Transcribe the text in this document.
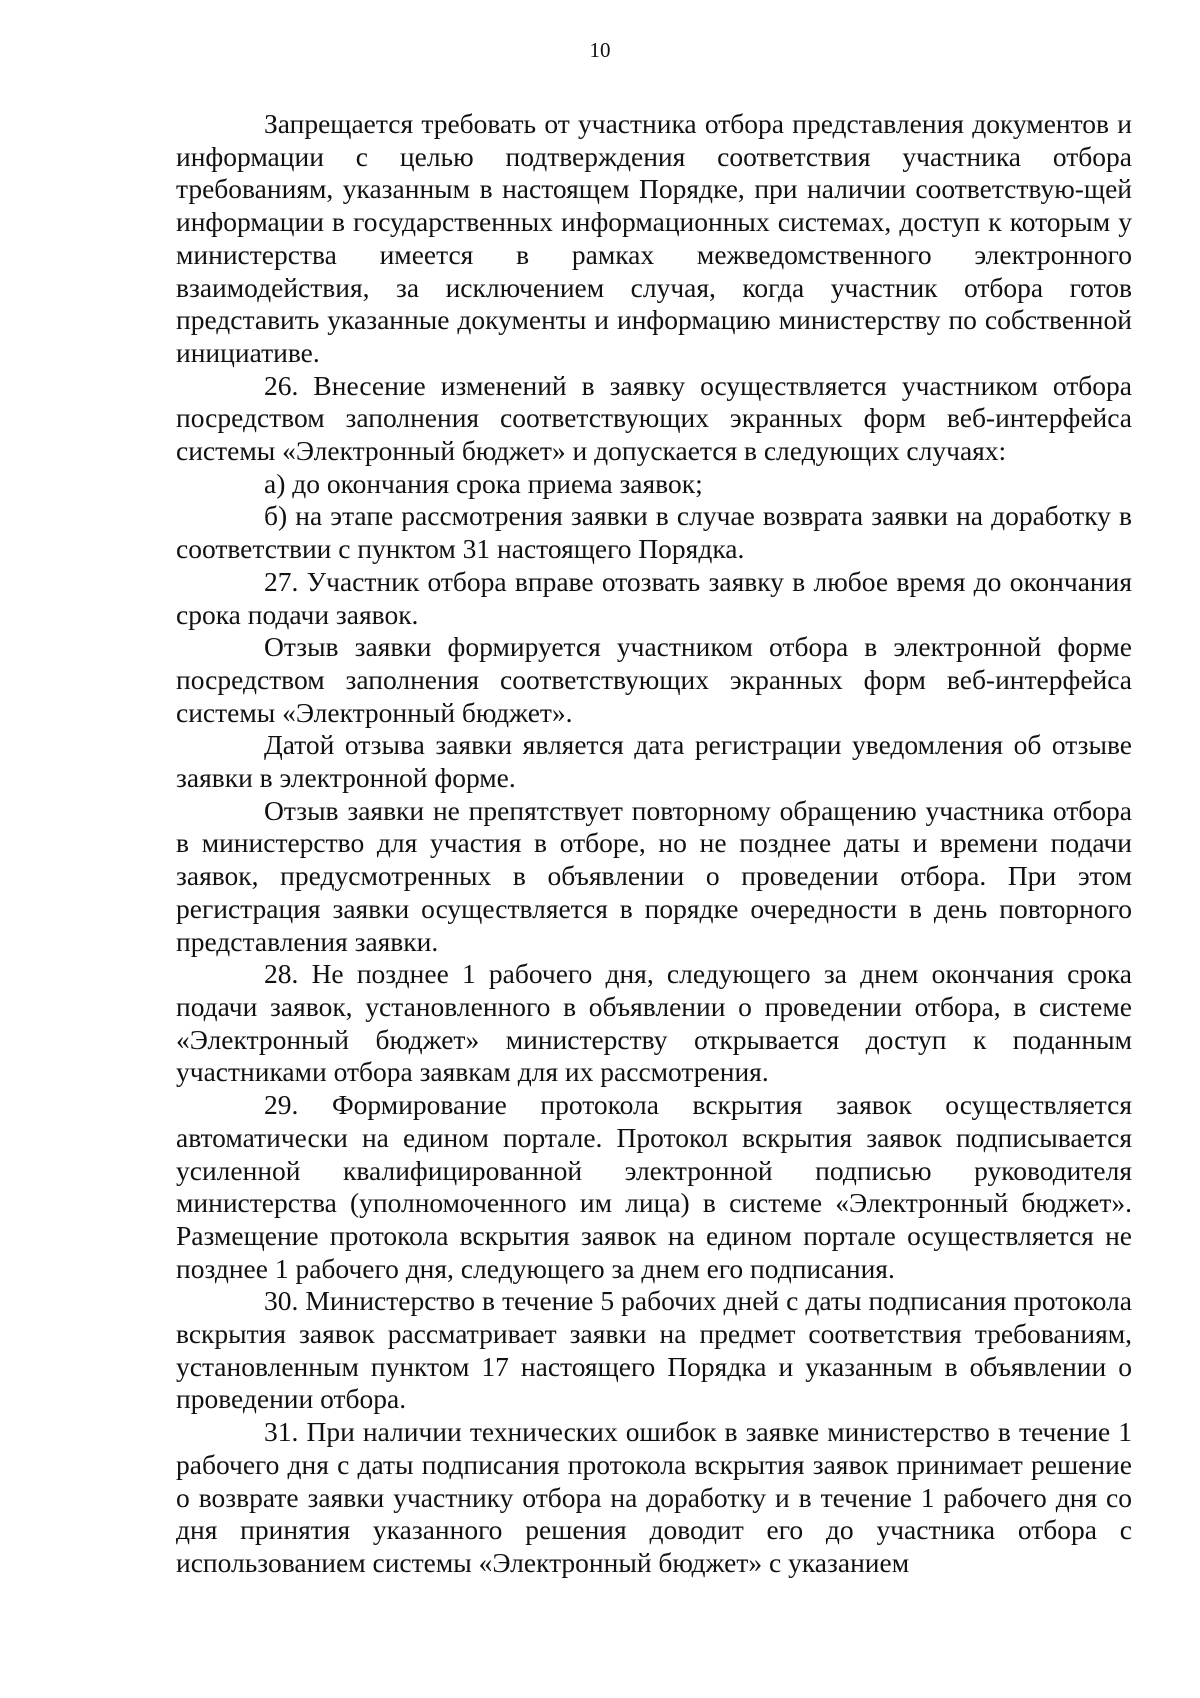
10

Запрещается требовать от участника отбора представления документов и информации с целью подтверждения соответствия участника отбора требованиям, указанным в настоящем Порядке, при наличии соответствую-щей информации в государственных информационных системах, доступ к которым у министерства имеется в рамках межведомственного электронного взаимодействия, за исключением случая, когда участник отбора готов представить указанные документы и информацию министерству по собственной инициативе.

26. Внесение изменений в заявку осуществляется участником отбора посредством заполнения соответствующих экранных форм веб-интерфейса системы «Электронный бюджет» и допускается в следующих случаях:

а) до окончания срока приема заявок;

б) на этапе рассмотрения заявки в случае возврата заявки на доработку в соответствии с пунктом 31 настоящего Порядка.

27. Участник отбора вправе отозвать заявку в любое время до окончания срока подачи заявок.

Отзыв заявки формируется участником отбора в электронной форме посредством заполнения соответствующих экранных форм веб-интерфейса системы «Электронный бюджет».

Датой отзыва заявки является дата регистрации уведомления об отзыве заявки в электронной форме.

Отзыв заявки не препятствует повторному обращению участника отбора в министерство для участия в отборе, но не позднее даты и времени подачи заявок, предусмотренных в объявлении о проведении отбора. При этом регистрация заявки осуществляется в порядке очередности в день повторного представления заявки.

28. Не позднее 1 рабочего дня, следующего за днем окончания срока подачи заявок, установленного в объявлении о проведении отбора, в системе «Электронный бюджет» министерству открывается доступ к поданным участниками отбора заявкам для их рассмотрения.

29. Формирование протокола вскрытия заявок осуществляется автоматически на едином портале. Протокол вскрытия заявок подписывается усиленной квалифицированной электронной подписью руководителя министерства (уполномоченного им лица) в системе «Электронный бюджет». Размещение протокола вскрытия заявок на едином портале осуществляется не позднее 1 рабочего дня, следующего за днем его подписания.

30. Министерство в течение 5 рабочих дней с даты подписания протокола вскрытия заявок рассматривает заявки на предмет соответствия требованиям, установленным пунктом 17 настоящего Порядка и указанным в объявлении о проведении отбора.

31. При наличии технических ошибок в заявке министерство в течение 1 рабочего дня с даты подписания протокола вскрытия заявок принимает решение о возврате заявки участнику отбора на доработку и в течение 1 рабочего дня со дня принятия указанного решения доводит его до участника отбора с использованием системы «Электронный бюджет» с указанием
